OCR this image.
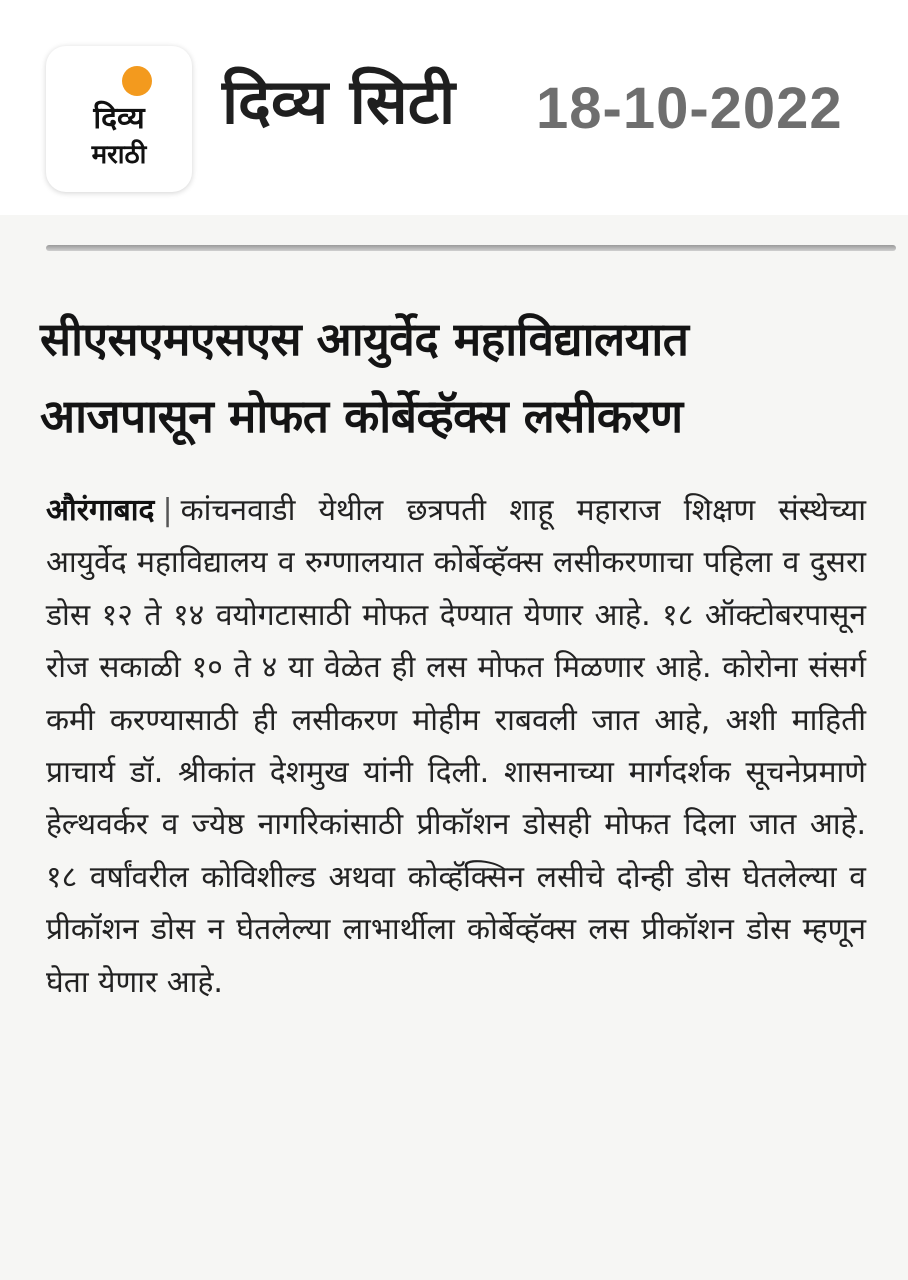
दिव्य
मराठी
दिव्य सिटी 18-10-2022
सीएसएमएसएस आयुर्वेद महाविद्यालयात
आजपासून मोफत कोर्बेव्हॅक्स लसीकरण
औरंगाबाद | कांचनवाडी येथील छत्रपती शाहू महाराज शिक्षण संस्थेच्या आयुर्वेद महाविद्यालय व रुग्णालयात कोर्बेव्हॅक्स लसीकरणाचा पहिला व दुसरा डोस १२ ते १४ वयोगटासाठी मोफत देण्यात येणार आहे. १८ ऑक्टोबरपासून रोज सकाळी १० ते ४ या वेळेत ही लस मोफत मिळणार आहे. कोरोना संसर्ग कमी करण्यासाठी ही लसीकरण मोहीम राबवली जात आहे, अशी माहिती प्राचार्य डॉ. श्रीकांत देशमुख यांनी दिली. शासनाच्या मार्गदर्शक सूचनेप्रमाणे हेल्थवर्कर व ज्येष्ठ नागरिकांसाठी प्रीकॉशन डोसही मोफत दिला जात आहे. १८ वर्षांवरील कोविशील्ड अथवा कोव्हॅक्सिन लसीचे दोन्ही डोस घेतलेल्या व प्रीकॉशन डोस न घेतलेल्या लाभार्थीला कोर्बेव्हॅक्स लस प्रीकॉशन डोस म्हणून घेता येणार आहे.
